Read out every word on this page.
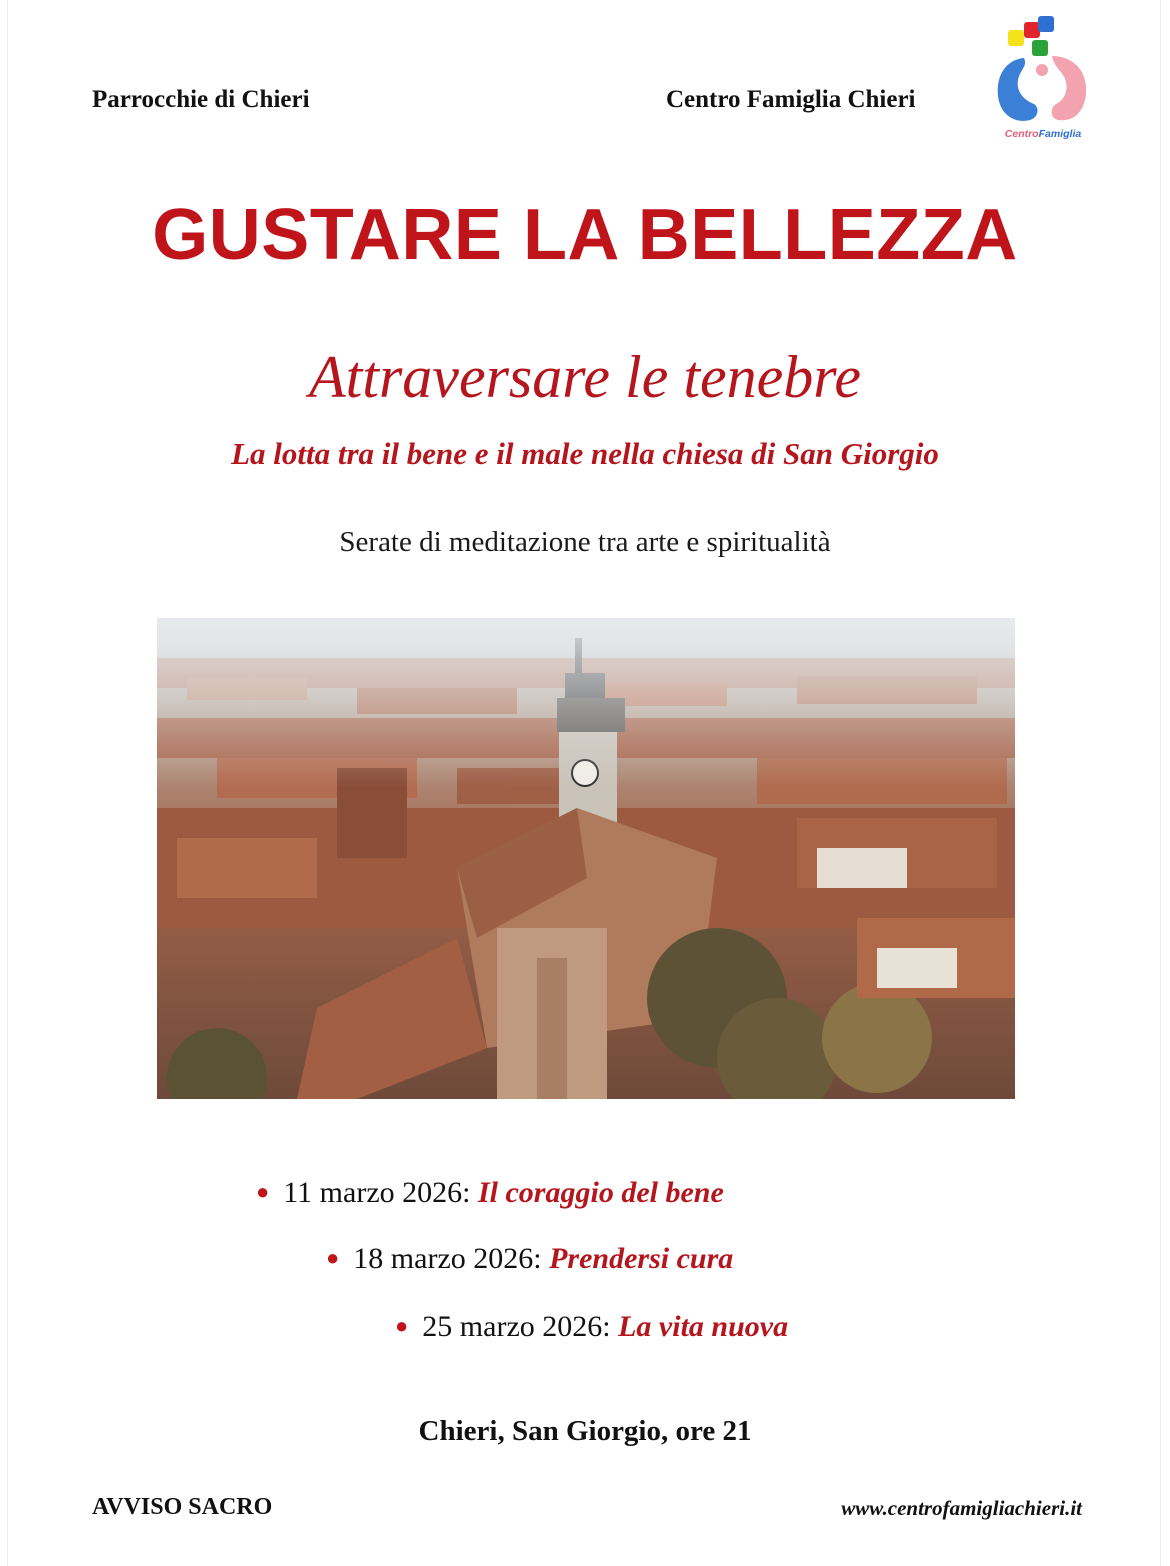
Parrocchie di Chieri	Centro Famiglia Chieri
CentroFamiglia
GUSTARE LA BELLEZZA
Attraversare le tenebre
La lotta tra il bene e il male nella chiesa di San Giorgio
Serate di meditazione tra arte e spiritualità
● 11 marzo 2026: Il coraggio del bene
● 18 marzo 2026: Prendersi cura
● 25 marzo 2026: La vita nuova
Chieri, San Giorgio, ore 21
AVVISO SACRO	www.centrofamigliachieri.it
